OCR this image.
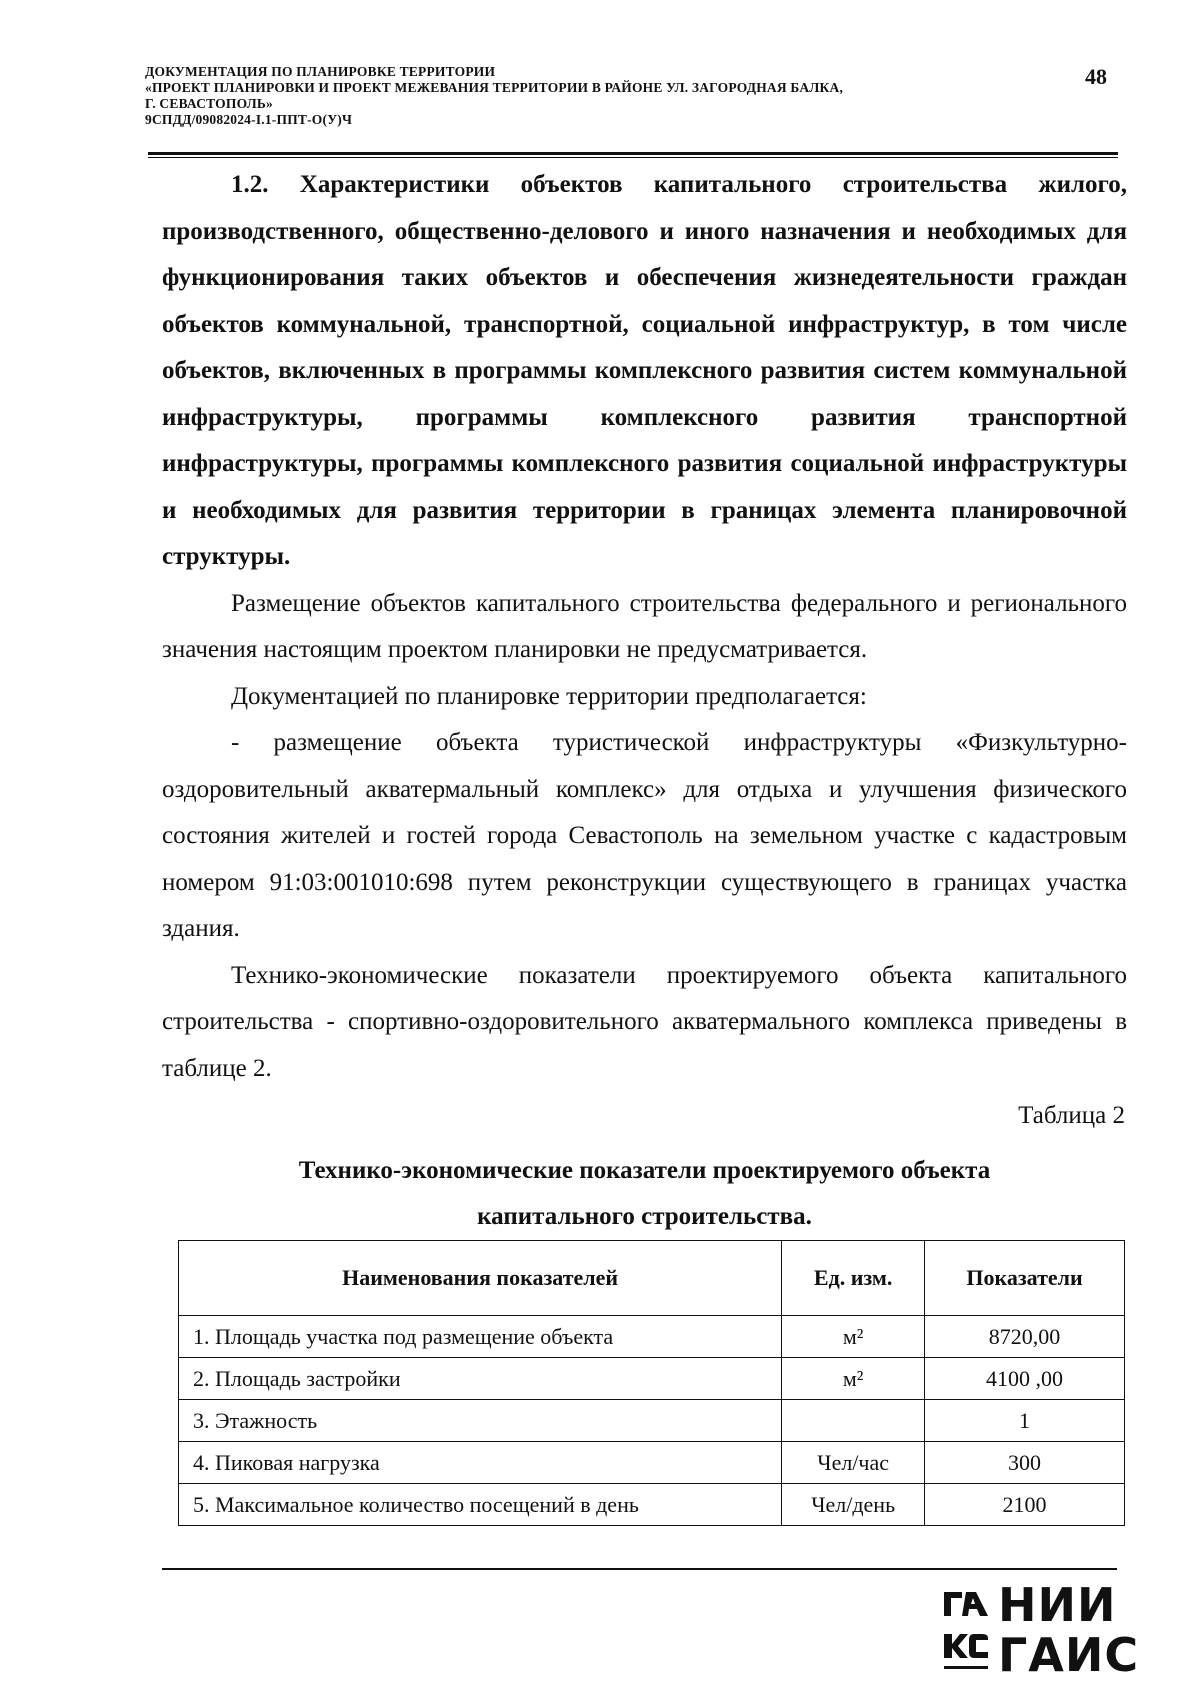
ДОКУМЕНТАЦИЯ ПО ПЛАНИРОВКЕ ТЕРРИТОРИИ
«ПРОЕКТ ПЛАНИРОВКИ И ПРОЕКТ МЕЖЕВАНИЯ ТЕРРИТОРИИ В РАЙОНЕ УЛ. ЗАГОРОДНАЯ БАЛКА,
Г. СЕВАСТОПОЛЬ»
9СПДД/09082024-I.1-ППТ-О(У)Ч
48

1.2. Характеристики объектов капитального строительства жилого, производственного, общественно-делового и иного назначения и необходимых для функционирования таких объектов и обеспечения жизнедеятельности граждан объектов коммунальной, транспортной, социальной инфраструктур, в том числе объектов, включенных в программы комплексного развития систем коммунальной инфраструктуры, программы комплексного развития транспортной инфраструктуры, программы комплексного развития социальной инфраструктуры и необходимых для развития территории в границах элемента планировочной структуры.

Размещение объектов капитального строительства федерального и регионального значения настоящим проектом планировки не предусматривается.

Документацией по планировке территории предполагается:

- размещение объекта туристической инфраструктуры «Физкультурно-оздоровительный акватермальный комплекс» для отдыха и улучшения физического состояния жителей и гостей города Севастополь на земельном участке с кадастровым номером 91:03:001010:698 путем реконструкции существующего в границах участка здания.

Технико-экономические показатели проектируемого объекта капитального строительства - спортивно-оздоровительного акватермального комплекса приведены в таблице 2.

Таблица 2
Технико-экономические показатели проектируемого объекта
капитального строительства.
Наименования показателей	Ед. изм.	Показатели
1. Площадь участка под размещение объекта	м²	8720,00
2. Площадь застройки	м²	4100 ,00
3. Этажность		1
4. Пиковая нагрузка	Чел/час	300
5. Максимальное количество посещений в день	Чел/день	2100
НИИ
ГАИС
